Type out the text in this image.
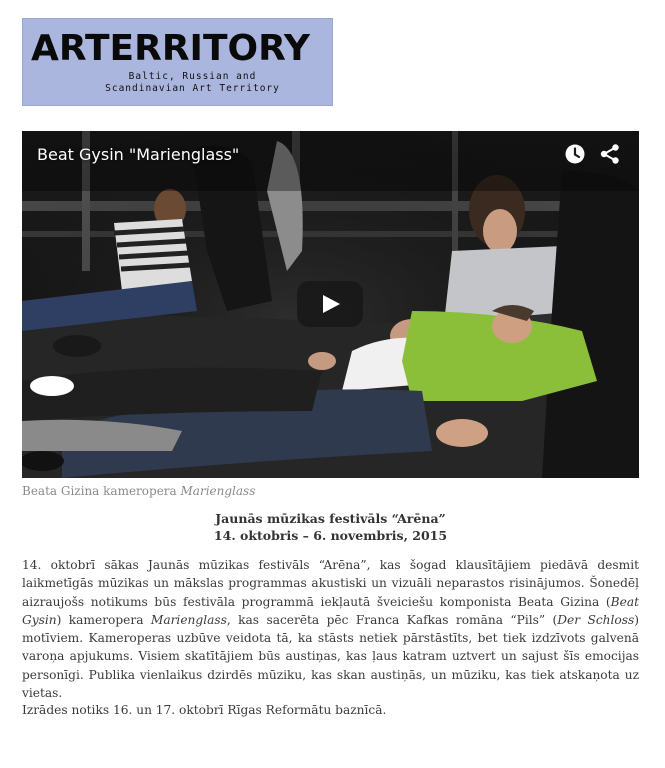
ARTERRITORY
Baltic, Russian and
Scandinavian Art Territory
Beat Gysin "Marienglass"
Beata Gizina kameropera Marienglass
Jaunās mūzikas festivāls “Arēna”
14. oktobris – 6. novembris, 2015

14. oktobrī sākas Jaunās mūzikas festivāls “Arēna”, kas šogad klausītājiem piedāvā desmit laikmetīgās mūzikas un mākslas programmas akustiski un vizuāli neparastos risinājumos. Šonedēļ aizraujošs notikums būs festivāla programmā iekļautā šveiciešu komponista Beata Gizina (Beat Gysin) kameropera Marienglass, kas sacerēta pēc Franca Kafkas romāna “Pils” (Der Schloss) motīviem. Kameroperas uzbūve veidota tā, ka stāsts netiek pārstāstīts, bet tiek izdzīvots galvenā varoņa apjukums. Visiem skatītājiem būs austiņas, kas ļaus katram uztvert un sajust šīs emocijas personīgi. Publika vienlaikus dzirdēs mūziku, kas skan austiņās, un mūziku, kas tiek atskaņota uz vietas.

Izrādes notiks 16. un 17. oktobrī Rīgas Reformātu baznīcā.
